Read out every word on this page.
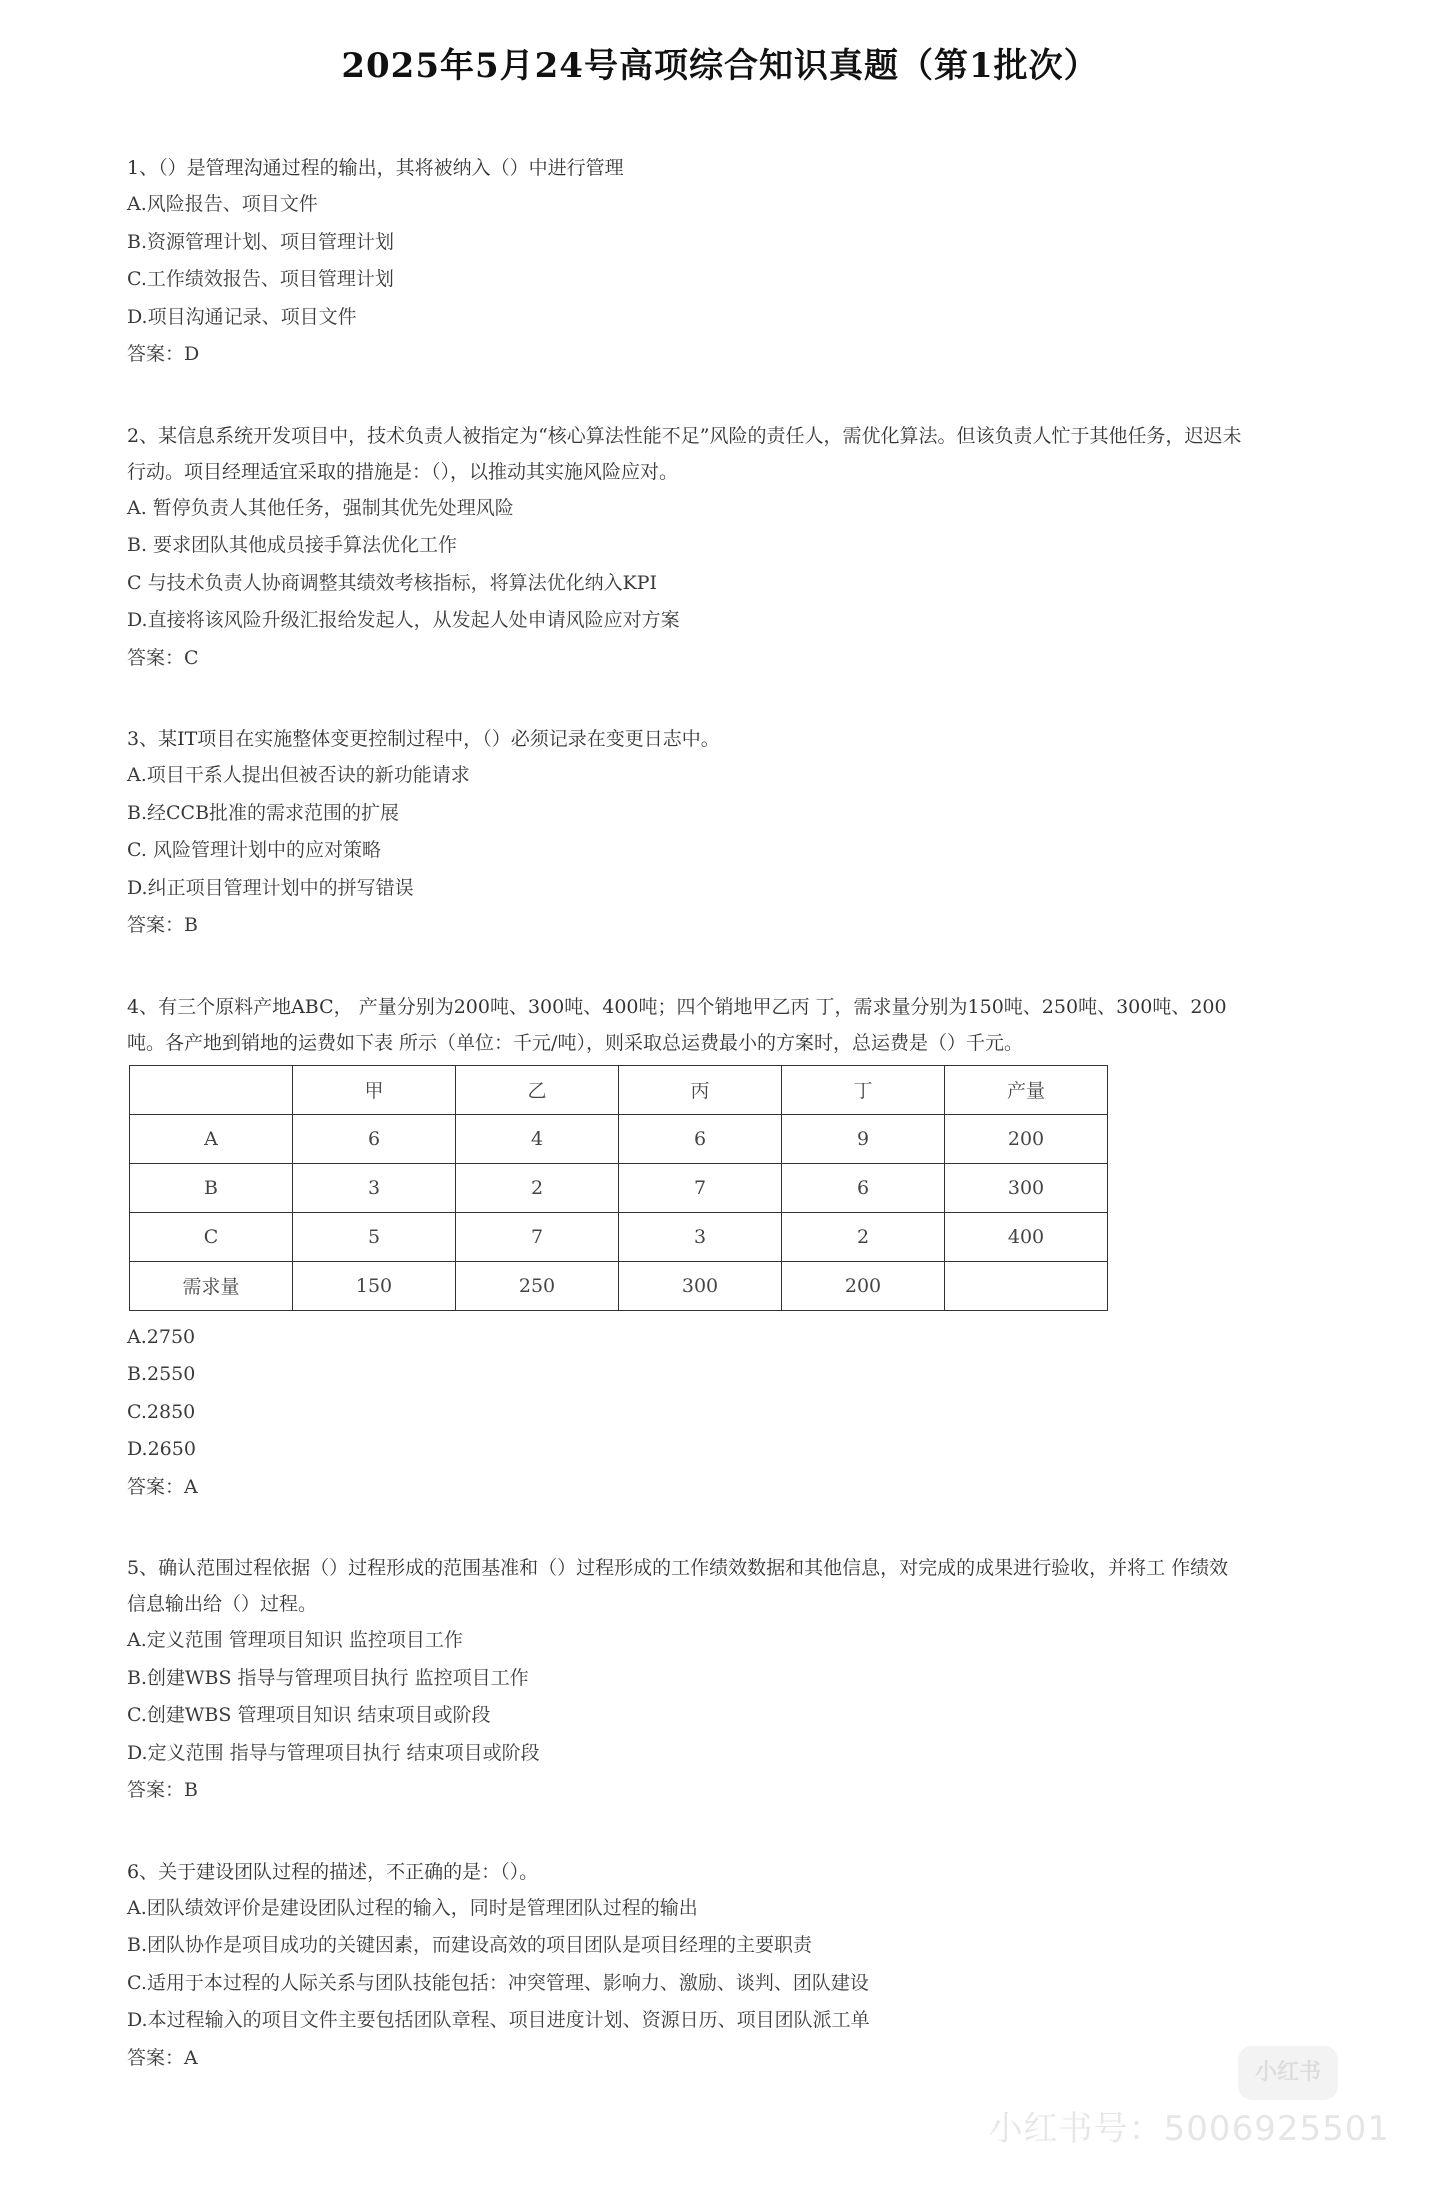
2025年5月24号高项综合知识真题（第1批次）

1、（）是管理沟通过程的输出，其将被纳入（）中进行管理

A.风险报告、项目文件

B.资源管理计划、项目管理计划

C.工作绩效报告、项目管理计划

D.项目沟通记录、项目文件

答案：D

2、某信息系统开发项目中，技术负责人被指定为“核心算法性能不足”风险的责任人，需优化算法。但该负责人忙于其他任务，迟迟未行动。项目经理适宜采取的措施是：（），以推动其实施风险应对。

A. 暂停负责人其他任务，强制其优先处理风险

B. 要求团队其他成员接手算法优化工作

C 与技术负责人协商调整其绩效考核指标，将算法优化纳入KPI

D.直接将该风险升级汇报给发起人，从发起人处申请风险应对方案

答案：C

3、某IT项目在实施整体变更控制过程中，（）必须记录在变更日志中。

A.项目干系人提出但被否诀的新功能请求

B.经CCB批准的需求范围的扩展

C. 风险管理计划中的应对策略

D.纠正项目管理计划中的拼写错误

答案：B

4、有三个原料产地ABC， 产量分别为200吨、300吨、400吨；四个销地甲乙丙 丁，需求量分别为150吨、250吨、300吨、200吨。各产地到销地的运费如下表 所示（单位：千元/吨），则采取总运费最小的方案时，总运费是（）千元。

	甲	乙	丙	丁	产量
A	6	4	6	9	200
B	3	2	7	6	300
C	5	7	3	2	400
需求量	150	250	300	200	

A.2750

B.2550

C.2850

D.2650

答案：A

5、确认范围过程依据（）过程形成的范围基准和（）过程形成的工作绩效数据和其他信息，对完成的成果进行验收，并将工 作绩效信息输出给（）过程。

A.定义范围 管理项目知识 监控项目工作

B.创建WBS 指导与管理项目执行 监控项目工作

C.创建WBS 管理项目知识 结束项目或阶段

D.定义范围 指导与管理项目执行 结束项目或阶段

答案：B

6、关于建设团队过程的描述，不正确的是：（）。

A.团队绩效评价是建设团队过程的输入，同时是管理团队过程的输出

B.团队协作是项目成功的关键因素，而建设高效的项目团队是项目经理的主要职责

C.适用于本过程的人际关系与团队技能包括：冲突管理、影响力、激励、谈判、团队建设

D.本过程输入的项目文件主要包括团队章程、项目进度计划、资源日历、项目团队派工单

答案：A

小红书
小红书号：5006925501
